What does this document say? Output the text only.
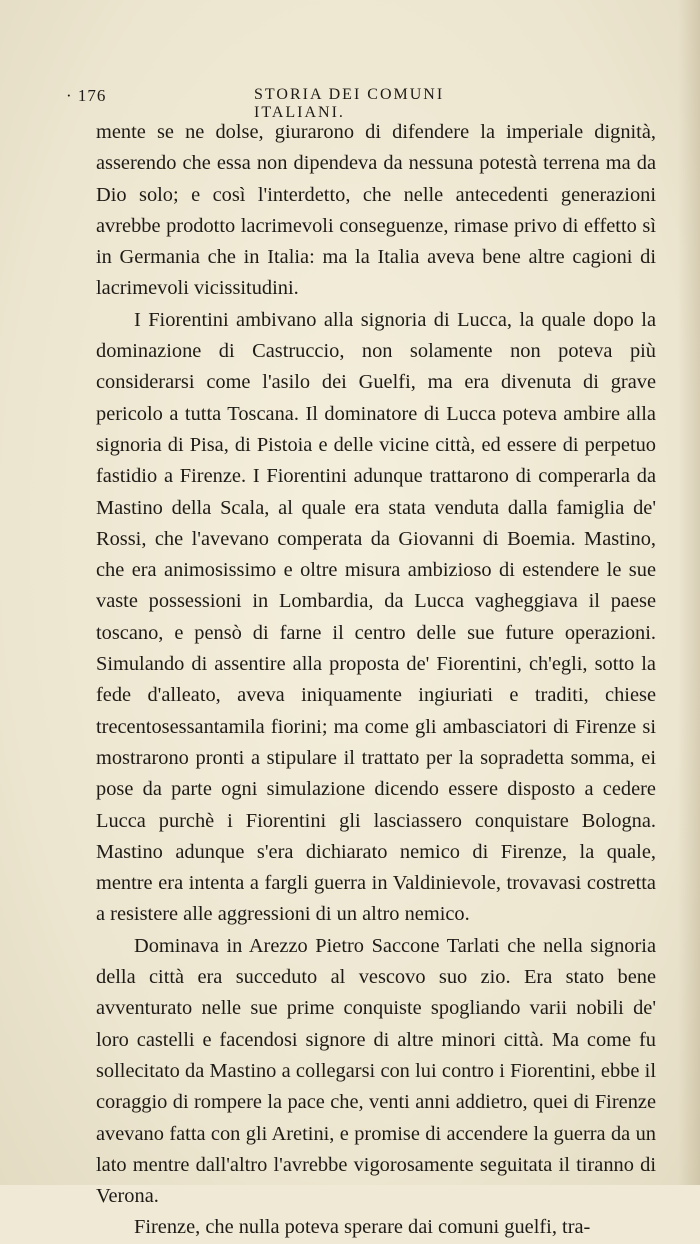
· 176	STORIA DEI COMUNI ITALIANI.

mente se ne dolse, giurarono di difendere la imperiale dignità, asserendo che essa non dipendeva da nessuna potestà terrena ma da Dio solo; e così l'interdetto, che nelle antecedenti generazioni avrebbe prodotto lacrimevoli conseguenze, rimase privo di effetto sì in Germania che in Italia: ma la Italia aveva bene altre cagioni di lacrimevoli vicissitudini.

I Fiorentini ambivano alla signoria di Lucca, la quale dopo la dominazione di Castruccio, non solamente non poteva più considerarsi come l'asilo dei Guelfi, ma era divenuta di grave pericolo a tutta Toscana. Il dominatore di Lucca poteva ambire alla signoria di Pisa, di Pistoia e delle vicine città, ed essere di perpetuo fastidio a Firenze. I Fiorentini adunque trattarono di comperarla da Mastino della Scala, al quale era stata venduta dalla famiglia de' Rossi, che l'avevano comperata da Giovanni di Boemia. Mastino, che era animosissimo e oltre misura ambizioso di estendere le sue vaste possessioni in Lombardia, da Lucca vagheggiava il paese toscano, e pensò di farne il centro delle sue future operazioni. Simulando di assentire alla proposta de' Fiorentini, ch'egli, sotto la fede d'alleato, aveva iniquamente ingiuriati e traditi, chiese trecentosessantamila fiorini; ma come gli ambasciatori di Firenze si mostrarono pronti a stipulare il trattato per la sopradetta somma, ei pose da parte ogni simulazione dicendo essere disposto a cedere Lucca purchè i Fiorentini gli lasciassero conquistare Bologna. Mastino adunque s'era dichiarato nemico di Firenze, la quale, mentre era intenta a fargli guerra in Valdinievole, trovavasi costretta a resistere alle aggressioni di un altro nemico.

Dominava in Arezzo Pietro Saccone Tarlati che nella signoria della città era succeduto al vescovo suo zio. Era stato bene avventurato nelle sue prime conquiste spogliando varii nobili de' loro castelli e facendosi signore di altre minori città. Ma come fu sollecitato da Mastino a collegarsi con lui contro i Fiorentini, ebbe il coraggio di rompere la pace che, venti anni addietro, quei di Firenze avevano fatta con gli Aretini, e promise di accendere la guerra da un lato mentre dall'altro l'avrebbe vigorosamente seguitata il tiranno di Verona.

Firenze, che nulla poteva sperare dai comuni guelfi, tra-
